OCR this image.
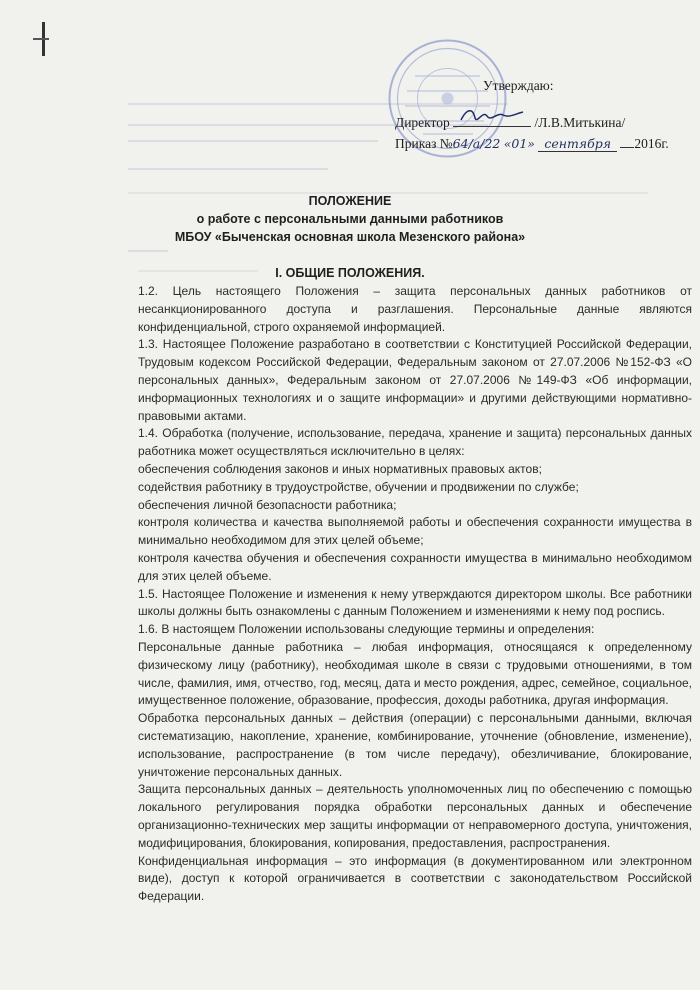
Утверждаю:
Директор	/Л.В.Митькина/
Приказ №64/а/22 «01» сентября 2016г.
ПОЛОЖЕНИЕ
о работе с персональными данными работников
МБОУ «Быченская основная школа Мезенского района»
I. ОБЩИЕ ПОЛОЖЕНИЯ.

1.2. Цель настоящего Положения – защита персональных данных работников от несанкционированного доступа и разглашения. Персональные данные являются конфиденциальной, строго охраняемой информацией.

1.3. Настоящее Положение разработано в соответствии с Конституцией Российской Федерации, Трудовым кодексом Российской Федерации, Федеральным законом от 27.07.2006 №152-ФЗ «О персональных данных», Федеральным законом от 27.07.2006 №149-ФЗ «Об информации, информационных технологиях и о защите информации» и другими действующими нормативно-правовыми актами.

1.4. Обработка (получение, использование, передача, хранение и защита) персональных данных работника может осуществляться исключительно в целях:

обеспечения соблюдения законов и иных нормативных правовых актов;

содействия работнику в трудоустройстве, обучении и продвижении по службе;

обеспечения личной безопасности работника;

контроля количества и качества выполняемой работы и обеспечения сохранности имущества в минимально необходимом для этих целей объеме;

контроля качества обучения и обеспечения сохранности имущества в минимально необходимом для этих целей объеме.

1.5. Настоящее Положение и изменения к нему утверждаются директором школы. Все работники школы должны быть ознакомлены с данным Положением и изменениями к нему под роспись.

1.6. В настоящем Положении использованы следующие термины и определения:

Персональные данные работника – любая информация, относящаяся к определенному физическому лицу (работнику), необходимая школе в связи с трудовыми отношениями, в том числе, фамилия, имя, отчество, год, месяц, дата и место рождения, адрес, семейное, социальное, имущественное положение, образование, профессия, доходы работника, другая информация.

Обработка персональных данных – действия (операции) с персональными данными, включая систематизацию, накопление, хранение, комбинирование, уточнение (обновление, изменение), использование, распространение (в том числе передачу), обезличивание, блокирование, уничтожение персональных данных.

Защита персональных данных – деятельность уполномоченных лиц по обеспечению с помощью локального регулирования порядка обработки персональных данных и обеспечение организационно-технических мер защиты информации от неправомерного доступа, уничтожения, модифицирования, блокирования, копирования, предоставления, распространения.

Конфиденциальная информация – это информация (в документированном или электронном виде), доступ к которой ограничивается в соответствии с законодательством Российской Федерации.
